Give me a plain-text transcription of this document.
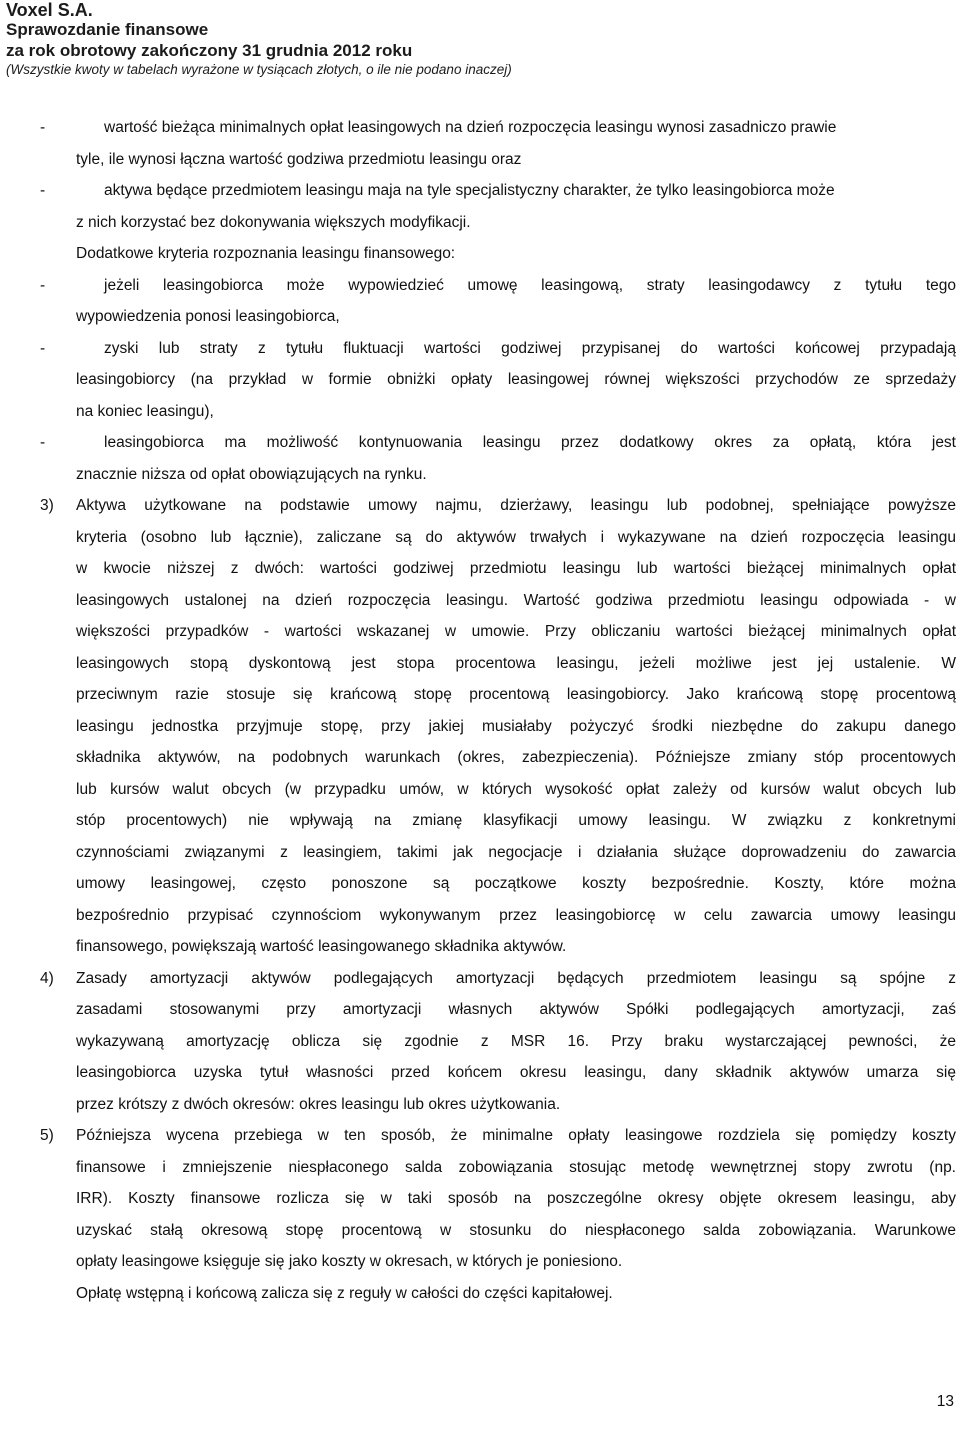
Voxel S.A.
Sprawozdanie finansowe
za rok obrotowy zakończony 31 grudnia 2012 roku
(Wszystkie kwoty w tabelach wyrażone w tysiącach złotych, o ile nie podano inaczej)
-	wartość bieżąca minimalnych opłat leasingowych na dzień rozpoczęcia leasingu wynosi zasadniczo prawie
tyle, ile wynosi łączna wartość godziwa przedmiotu leasingu oraz
-	aktywa będące przedmiotem leasingu maja na tyle specjalistyczny charakter, że tylko leasingobiorca może
z nich korzystać bez dokonywania większych modyfikacji.
Dodatkowe kryteria rozpoznania leasingu finansowego:
-	jeżeli leasingobiorca może wypowiedzieć umowę leasingową, straty leasingodawcy z tytułu tego
wypowiedzenia ponosi leasingobiorca,
-	zyski lub straty z tytułu fluktuacji wartości godziwej przypisanej do wartości końcowej przypadają
leasingobiorcy (na przykład w formie obniżki opłaty leasingowej równej większości przychodów ze sprzedaży
na koniec leasingu),
-	leasingobiorca ma możliwość kontynuowania leasingu przez dodatkowy okres za opłatą, która jest
znacznie niższa od opłat obowiązujących na rynku.
3) Aktywa użytkowane na podstawie umowy najmu, dzierżawy, leasingu lub podobnej, spełniające powyższe
kryteria (osobno lub łącznie), zaliczane są do aktywów trwałych i wykazywane na dzień rozpoczęcia leasingu
w kwocie niższej z dwóch: wartości godziwej przedmiotu leasingu lub wartości bieżącej minimalnych opłat
leasingowych ustalonej na dzień rozpoczęcia leasingu. Wartość godziwa przedmiotu leasingu odpowiada - w
większości przypadków - wartości wskazanej w umowie. Przy obliczaniu wartości bieżącej minimalnych opłat
leasingowych stopą dyskontową jest stopa procentowa leasingu, jeżeli możliwe jest jej ustalenie. W
przeciwnym razie stosuje się krańcową stopę procentową leasingobiorcy. Jako krańcową stopę procentową
leasingu jednostka przyjmuje stopę, przy jakiej musiałaby pożyczyć środki niezbędne do zakupu danego
składnika aktywów, na podobnych warunkach (okres, zabezpieczenia). Późniejsze zmiany stóp procentowych
lub kursów walut obcych (w przypadku umów, w których wysokość opłat zależy od kursów walut obcych lub
stóp procentowych) nie wpływają na zmianę klasyfikacji umowy leasingu. W związku z konkretnymi
czynnościami związanymi z leasingiem, takimi jak negocjacje i działania służące doprowadzeniu do zawarcia
umowy leasingowej, często ponoszone są początkowe koszty bezpośrednie. Koszty, które można
bezpośrednio przypisać czynnościom wykonywanym przez leasingobiorcę w celu zawarcia umowy leasingu
finansowego, powiększają wartość leasingowanego składnika aktywów.
4) Zasady amortyzacji aktywów podlegających amortyzacji będących przedmiotem leasingu są spójne z
zasadami stosowanymi przy amortyzacji własnych aktywów Spółki podlegających amortyzacji, zaś
wykazywaną amortyzację oblicza się zgodnie z MSR 16. Przy braku wystarczającej pewności, że
leasingobiorca uzyska tytuł własności przed końcem okresu leasingu, dany składnik aktywów umarza się
przez krótszy z dwóch okresów: okres leasingu lub okres użytkowania.
5) Późniejsza wycena przebiega w ten sposób, że minimalne opłaty leasingowe rozdziela się pomiędzy koszty
finansowe i zmniejszenie niespłaconego salda zobowiązania stosując metodę wewnętrznej stopy zwrotu (np.
IRR). Koszty finansowe rozlicza się w taki sposób na poszczególne okresy objęte okresem leasingu, aby
uzyskać stałą okresową stopę procentową w stosunku do niespłaconego salda zobowiązania. Warunkowe
opłaty leasingowe księguje się jako koszty w okresach, w których je poniesiono.
Opłatę wstępną i końcową zalicza się z reguły w całości do części kapitałowej.
13
